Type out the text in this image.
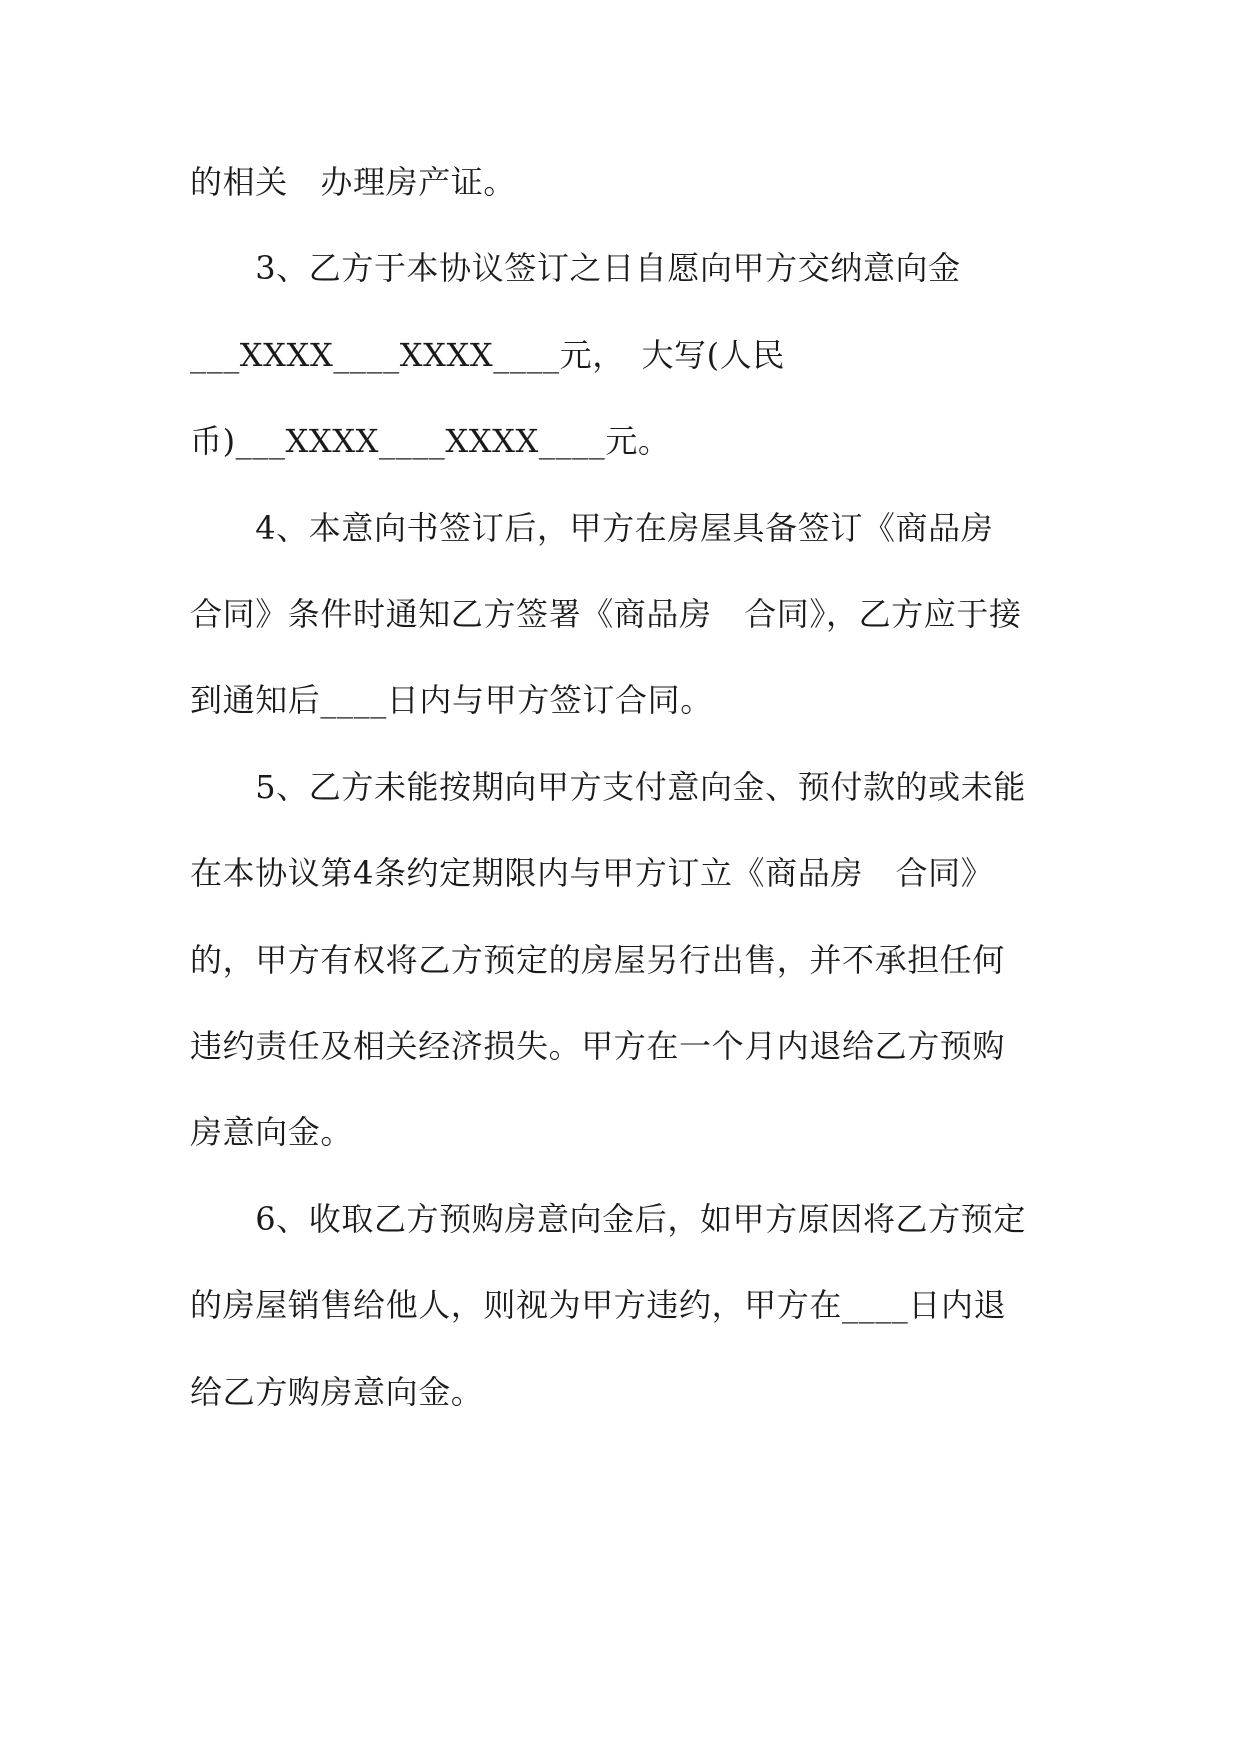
的相关　办理房产证。

　　3、乙方于本协议签订之日自愿向甲方交纳意向金

___XXXX____XXXX____元，　大写(人民

币)___XXXX____XXXX____元。

　　4、本意向书签订后，甲方在房屋具备签订《商品房

合同》条件时通知乙方签署《商品房　合同》，乙方应于接

到通知后____日内与甲方签订合同。

　　5、乙方未能按期向甲方支付意向金、预付款的或未能

在本协议第4条约定期限内与甲方订立《商品房　合同》

的，甲方有权将乙方预定的房屋另行出售，并不承担任何

违约责任及相关经济损失。甲方在一个月内退给乙方预购

房意向金。

　　6、收取乙方预购房意向金后，如甲方原因将乙方预定

的房屋销售给他人，则视为甲方违约，甲方在____日内退

给乙方购房意向金。
